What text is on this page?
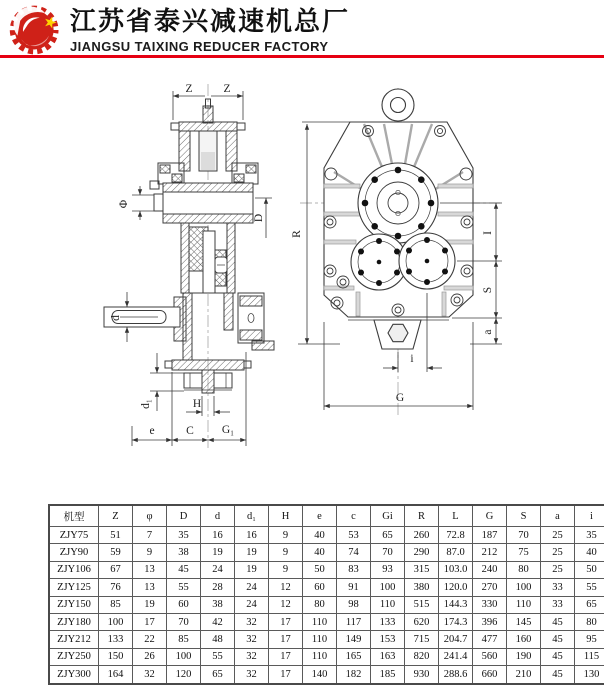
★ 江苏省泰兴减速机总厂
JIANGSU TAIXING REDUCER FACTORY
Z	Z
Φ
D
d
d₁	H
e	C G₁
R	I
S
a
i
G
机型	Z	φ	D	d	d₁	H	e	c	Gi	R	L	G	S	a	i
ZJY75	51	7	35	16	16	9	40	53	65	260	72.8	187	70	25	35
ZJY90	59	9	38	19	19	9	40	74	70	290	87.0	212	75	25	40
ZJY106	67	13	45	24	19	9	50	83	93	315	103.0	240	80	25	50
ZJY125	76	13	55	28	24	12	60	91	100	380	120.0	270	100	33	55
ZJY150	85	19	60	38	24	12	80	98	110	515	144.3	330	110	33	65
ZJY180	100	17	70	42	32	17	110	117	133	620	174.3	396	145	45	80
ZJY212	133	22	85	48	32	17	110	149	153	715	204.7	477	160	45	95
ZJY250	150	26	100	55	32	17	110	165	163	820	241.4	560	190	45	115
ZJY300	164	32	120	65	32	17	140	182	185	930	288.6	660	210	45	130
